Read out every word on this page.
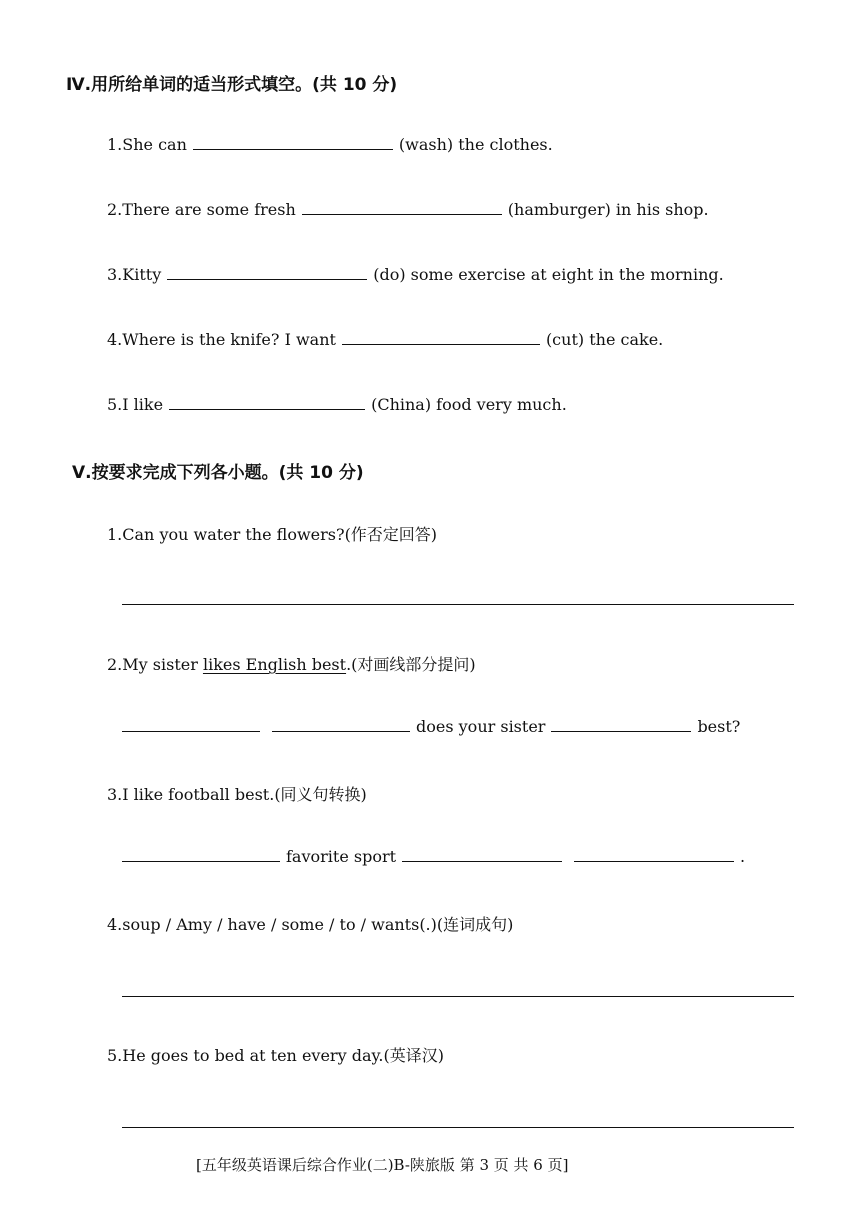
Ⅳ.用所给单词的适当形式填空。(共 10 分)
1.She can	(wash) the clothes.
2.There are some fresh	(hamburger) in his shop.
3.Kitty	(do) some exercise at eight in the morning.
4.Where is the knife? I want	(cut) the cake.
5.I like	(China) food very much.
Ⅴ.按要求完成下列各小题。(共 10 分)
1.Can you water the flowers?(作否定回答)
2.My sister likes English best.(对画线部分提问)
does your sister	best?
3.I like football best.(同义句转换)
favorite sport	.
4.soup / Amy / have / some / to / wants(.)(连词成句)
5.He goes to bed at ten every day.(英译汉)
[五年级英语课后综合作业(二)B-陕旅版 第 3 页 共 6 页]
